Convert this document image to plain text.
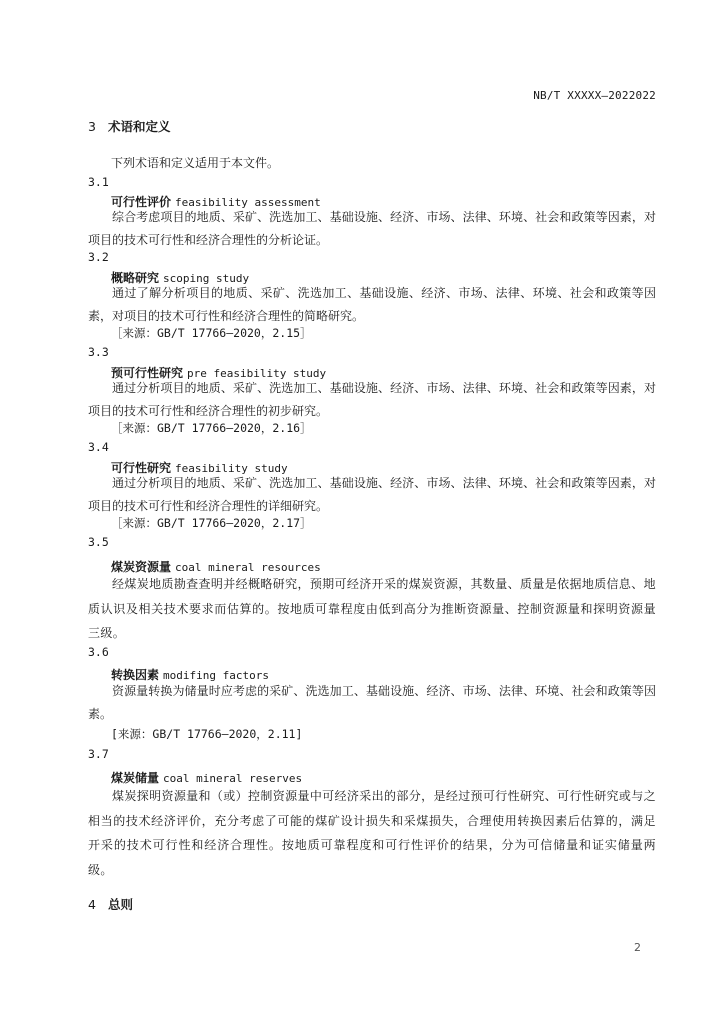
NB/T XXXXX—2022022
3 术语和定义
下列术语和定义适用于本文件。
3.1
可行性评价 feasibility assessment
综合考虑项目的地质、采矿、洗选加工、基础设施、经济、市场、法律、环境、社会和政策等因素，对项目的技术可行性和经济合理性的分析论证。
3.2
概略研究 scoping study
通过了解分析项目的地质、采矿、洗选加工、基础设施、经济、市场、法律、环境、社会和政策等因素，对项目的技术可行性和经济合理性的简略研究。
［来源：GB/T 17766—2020，2.15］
3.3
预可行性研究 pre feasibility study
通过分析项目的地质、采矿、洗选加工、基础设施、经济、市场、法律、环境、社会和政策等因素，对项目的技术可行性和经济合理性的初步研究。
［来源：GB/T 17766—2020，2.16］
3.4
可行性研究 feasibility study
通过分析项目的地质、采矿、洗选加工、基础设施、经济、市场、法律、环境、社会和政策等因素，对项目的技术可行性和经济合理性的详细研究。
［来源：GB/T 17766—2020，2.17］
3.5
煤炭资源量 coal mineral resources
经煤炭地质勘查查明并经概略研究，预期可经济开采的煤炭资源，其数量、质量是依据地质信息、地质认识及相关技术要求而估算的。按地质可靠程度由低到高分为推断资源量、控制资源量和探明资源量三级。
3.6
转换因素 modifing factors
资源量转换为储量时应考虑的采矿、洗选加工、基础设施、经济、市场、法律、环境、社会和政策等因素。
[来源：GB/T 17766—2020，2.11]
3.7
煤炭储量 coal mineral reserves
煤炭探明资源量和（或）控制资源量中可经济采出的部分，是经过预可行性研究、可行性研究或与之相当的技术经济评价，充分考虑了可能的煤矿设计损失和采煤损失，合理使用转换因素后估算的，满足开采的技术可行性和经济合理性。按地质可靠程度和可行性评价的结果，分为可信储量和证实储量两级。
4 总则
2
